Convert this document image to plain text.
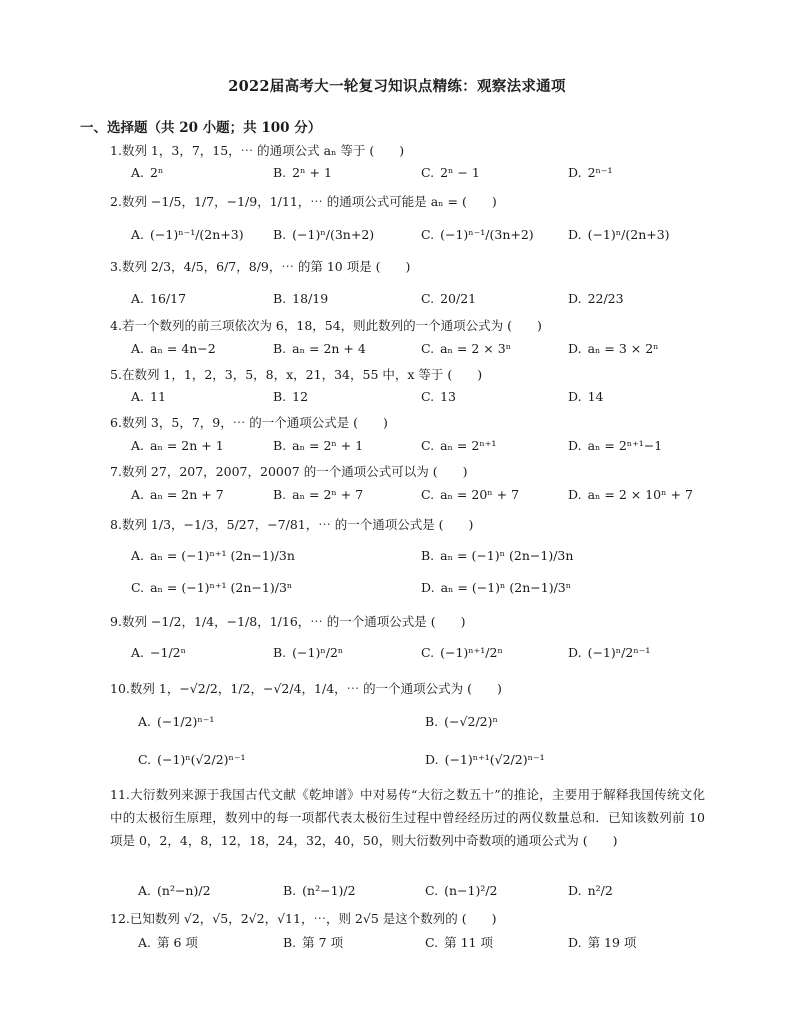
2022届高考大一轮复习知识点精练：观察法求通项
一、选择题（共 20 小题；共 100 分）
1.数列 1，3，7，15，⋯ 的通项公式 aₙ 等于 (　　)
A. 2ⁿ	B. 2ⁿ + 1	C. 2ⁿ − 1	D. 2ⁿ⁻¹
2.数列 −1/5，1/7，−1/9，1/11，⋯ 的通项公式可能是 aₙ = (　　)
A. (−1)ⁿ⁻¹/(2n+3) B. (−1)ⁿ/(3n+2)	C. (−1)ⁿ⁻¹/(3n+2)	D. (−1)ⁿ/(2n+3)
3.数列 2/3，4/5，6/7，8/9，⋯ 的第 10 项是 (　　)
A. 16/17	B. 18/19	C. 20/21	D. 22/23
4.若一个数列的前三项依次为 6，18，54，则此数列的一个通项公式为 (　　)
A. aₙ = 4n−2	B. aₙ = 2n + 4	C. aₙ = 2 × 3ⁿ	D. aₙ = 3 × 2ⁿ
5.在数列 1，1，2，3，5，8，x，21，34，55 中，x 等于 (　　)
A. 11	B. 12	C. 13	D. 14
6.数列 3，5，7，9，⋯ 的一个通项公式是 (　　)
A. aₙ = 2n + 1	B. aₙ = 2ⁿ + 1	C. aₙ = 2ⁿ⁺¹	D. aₙ = 2ⁿ⁺¹−1
7.数列 27，207，2007，20007 的一个通项公式可以为 (　　)
A. aₙ = 2n + 7	B. aₙ = 2ⁿ + 7	C. aₙ = 20ⁿ + 7	D. aₙ = 2 × 10ⁿ + 7
8.数列 1/3，−1/3，5/27，−7/81，⋯ 的一个通项公式是 (　　)
A. aₙ = (−1)ⁿ⁺¹ (2n−1)/3n	B. aₙ = (−1)ⁿ (2n−1)/3n
C. aₙ = (−1)ⁿ⁺¹ (2n−1)/3ⁿ	D. aₙ = (−1)ⁿ (2n−1)/3ⁿ
9.数列 −1/2，1/4，−1/8，1/16，⋯ 的一个通项公式是 (　　)
A. −1/2ⁿ	B. (−1)ⁿ/2ⁿ	C. (−1)ⁿ⁺¹/2ⁿ	D. (−1)ⁿ/2ⁿ⁻¹
10.数列 1，−√2/2，1/2，−√2/4，1/4，⋯ 的一个通项公式为 (　　)
A. (−1/2)ⁿ⁻¹	B. (−√2/2)ⁿ
C. (−1)ⁿ(√2/2)ⁿ⁻¹	D. (−1)ⁿ⁺¹(√2/2)ⁿ⁻¹
11.大衍数列来源于我国古代文献《乾坤谱》中对易传“大衍之数五十”的推论，主要用于解释我国传统文化中的太极衍生原理，数列中的每一项都代表太极衍生过程中曾经经历过的两仪数量总和．已知该数列前 10 项是 0，2，4，8，12，18，24，32，40，50，则大衍数列中奇数项的通项公式为 (　　)
A. (n²−n)/2	B. (n²−1)/2	C. (n−1)²/2	D. n²/2
12.已知数列 √2，√5，2√2，√11，⋯，则 2√5 是这个数列的 (　　)
A. 第 6 项	B. 第 7 项	C. 第 11 项	D. 第 19 项
